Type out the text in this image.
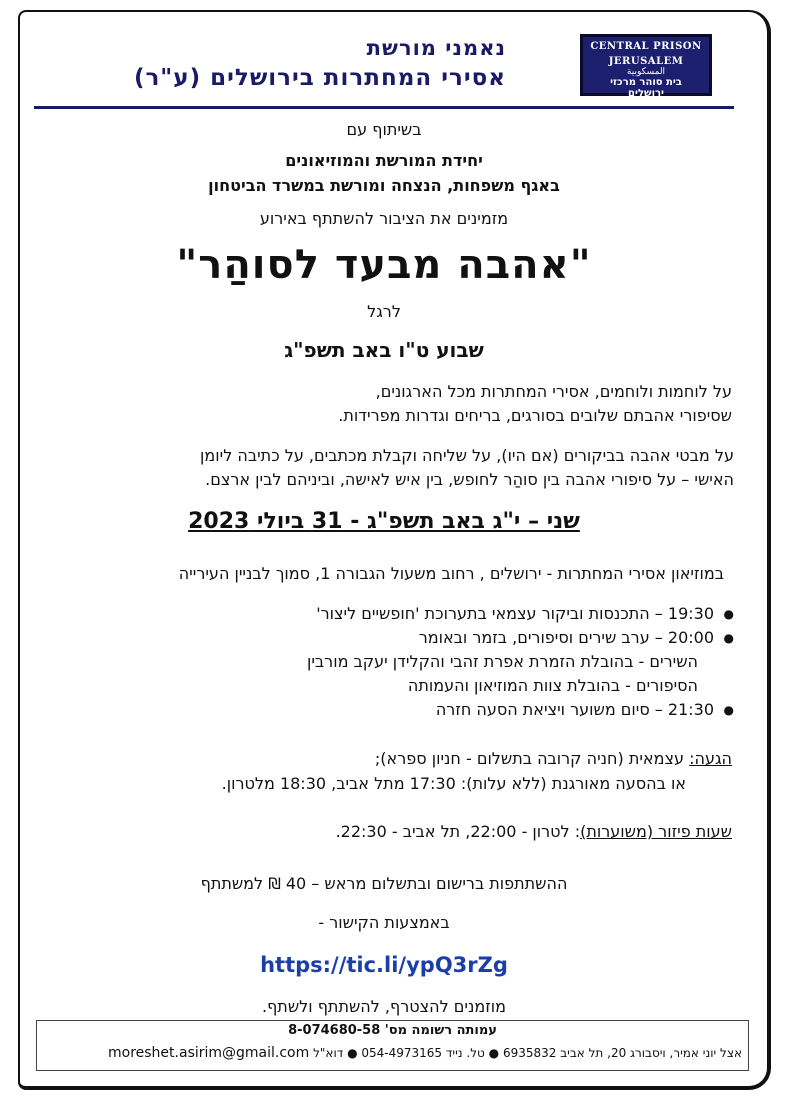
נאמני מורשת
אסירי המחתרות בירושלים (ע"ר)
CENTRAL PRISON
JERUSALEM
المسكوبية
בית סוהר מרכזי
ירושלים
בשיתוף עם
יחידת המורשת והמוזיאונים
באגף משפחות, הנצחה ומורשת במשרד הביטחון
מזמינים את הציבור להשתתף באירוע
"אהבה מבעד לסוהַר"
לרגל
שבוע ט"ו באב תשפ"ג
על לוחמות ולוחמים, אסירי המחתרות מכל הארגונים,
שסיפורי אהבתם שלובים בסורגים, בריחים וגדרות מפרידות.
על מבטי אהבה בביקורים (אם היו), על שליחה וקבלת מכתבים, על כתיבה ליומן
האישי – על סיפורי אהבה בין סוהַר לחופש, בין איש לאישה, וביניהם לבין ארצם.
שני – י"ג באב תשפ"ג - 31 ביולי 2023
במוזיאון אסירי המחתרות - ירושלים , רחוב משעול הגבורה 1, סמוך לבניין העירייה
●
19:30 – התכנסות וביקור עצמאי בתערוכת 'חופשיים ליצור'
●
20:00 – ערב שירים וסיפורים, בזמר ובאומר
השירים - בהובלת הזמרת אפרת זהבי והקלידן יעקב מורבין
הסיפורים - בהובלת צוות המוזיאון והעמותה
●
21:30 – סיום משוער ויציאת הסעה חזרה
הגעה: עצמאית (חניה קרובה בתשלום - חניון ספרא);
או בהסעה מאורגנת (ללא עלות): 17:30 מתל אביב, 18:30 מלטרון.
שעות פיזור (משוערות): לטרון - 22:00, תל אביב - 22:30.
ההשתתפות ברישום ובתשלום מראש – 40 ₪ למשתתף
באמצעות הקישור -
https://tic.li/ypQ3rZg
מוזמנים להצטרף, להשתתף ולשתף.
עמותה רשומה מס' 8-074680-58
אצל יוני אמיר, ויסבורג 20, תל אביב 6935832 ● טל. נייד 054-4973165 ● דוא"ל moreshet.asirim@gmail.com
